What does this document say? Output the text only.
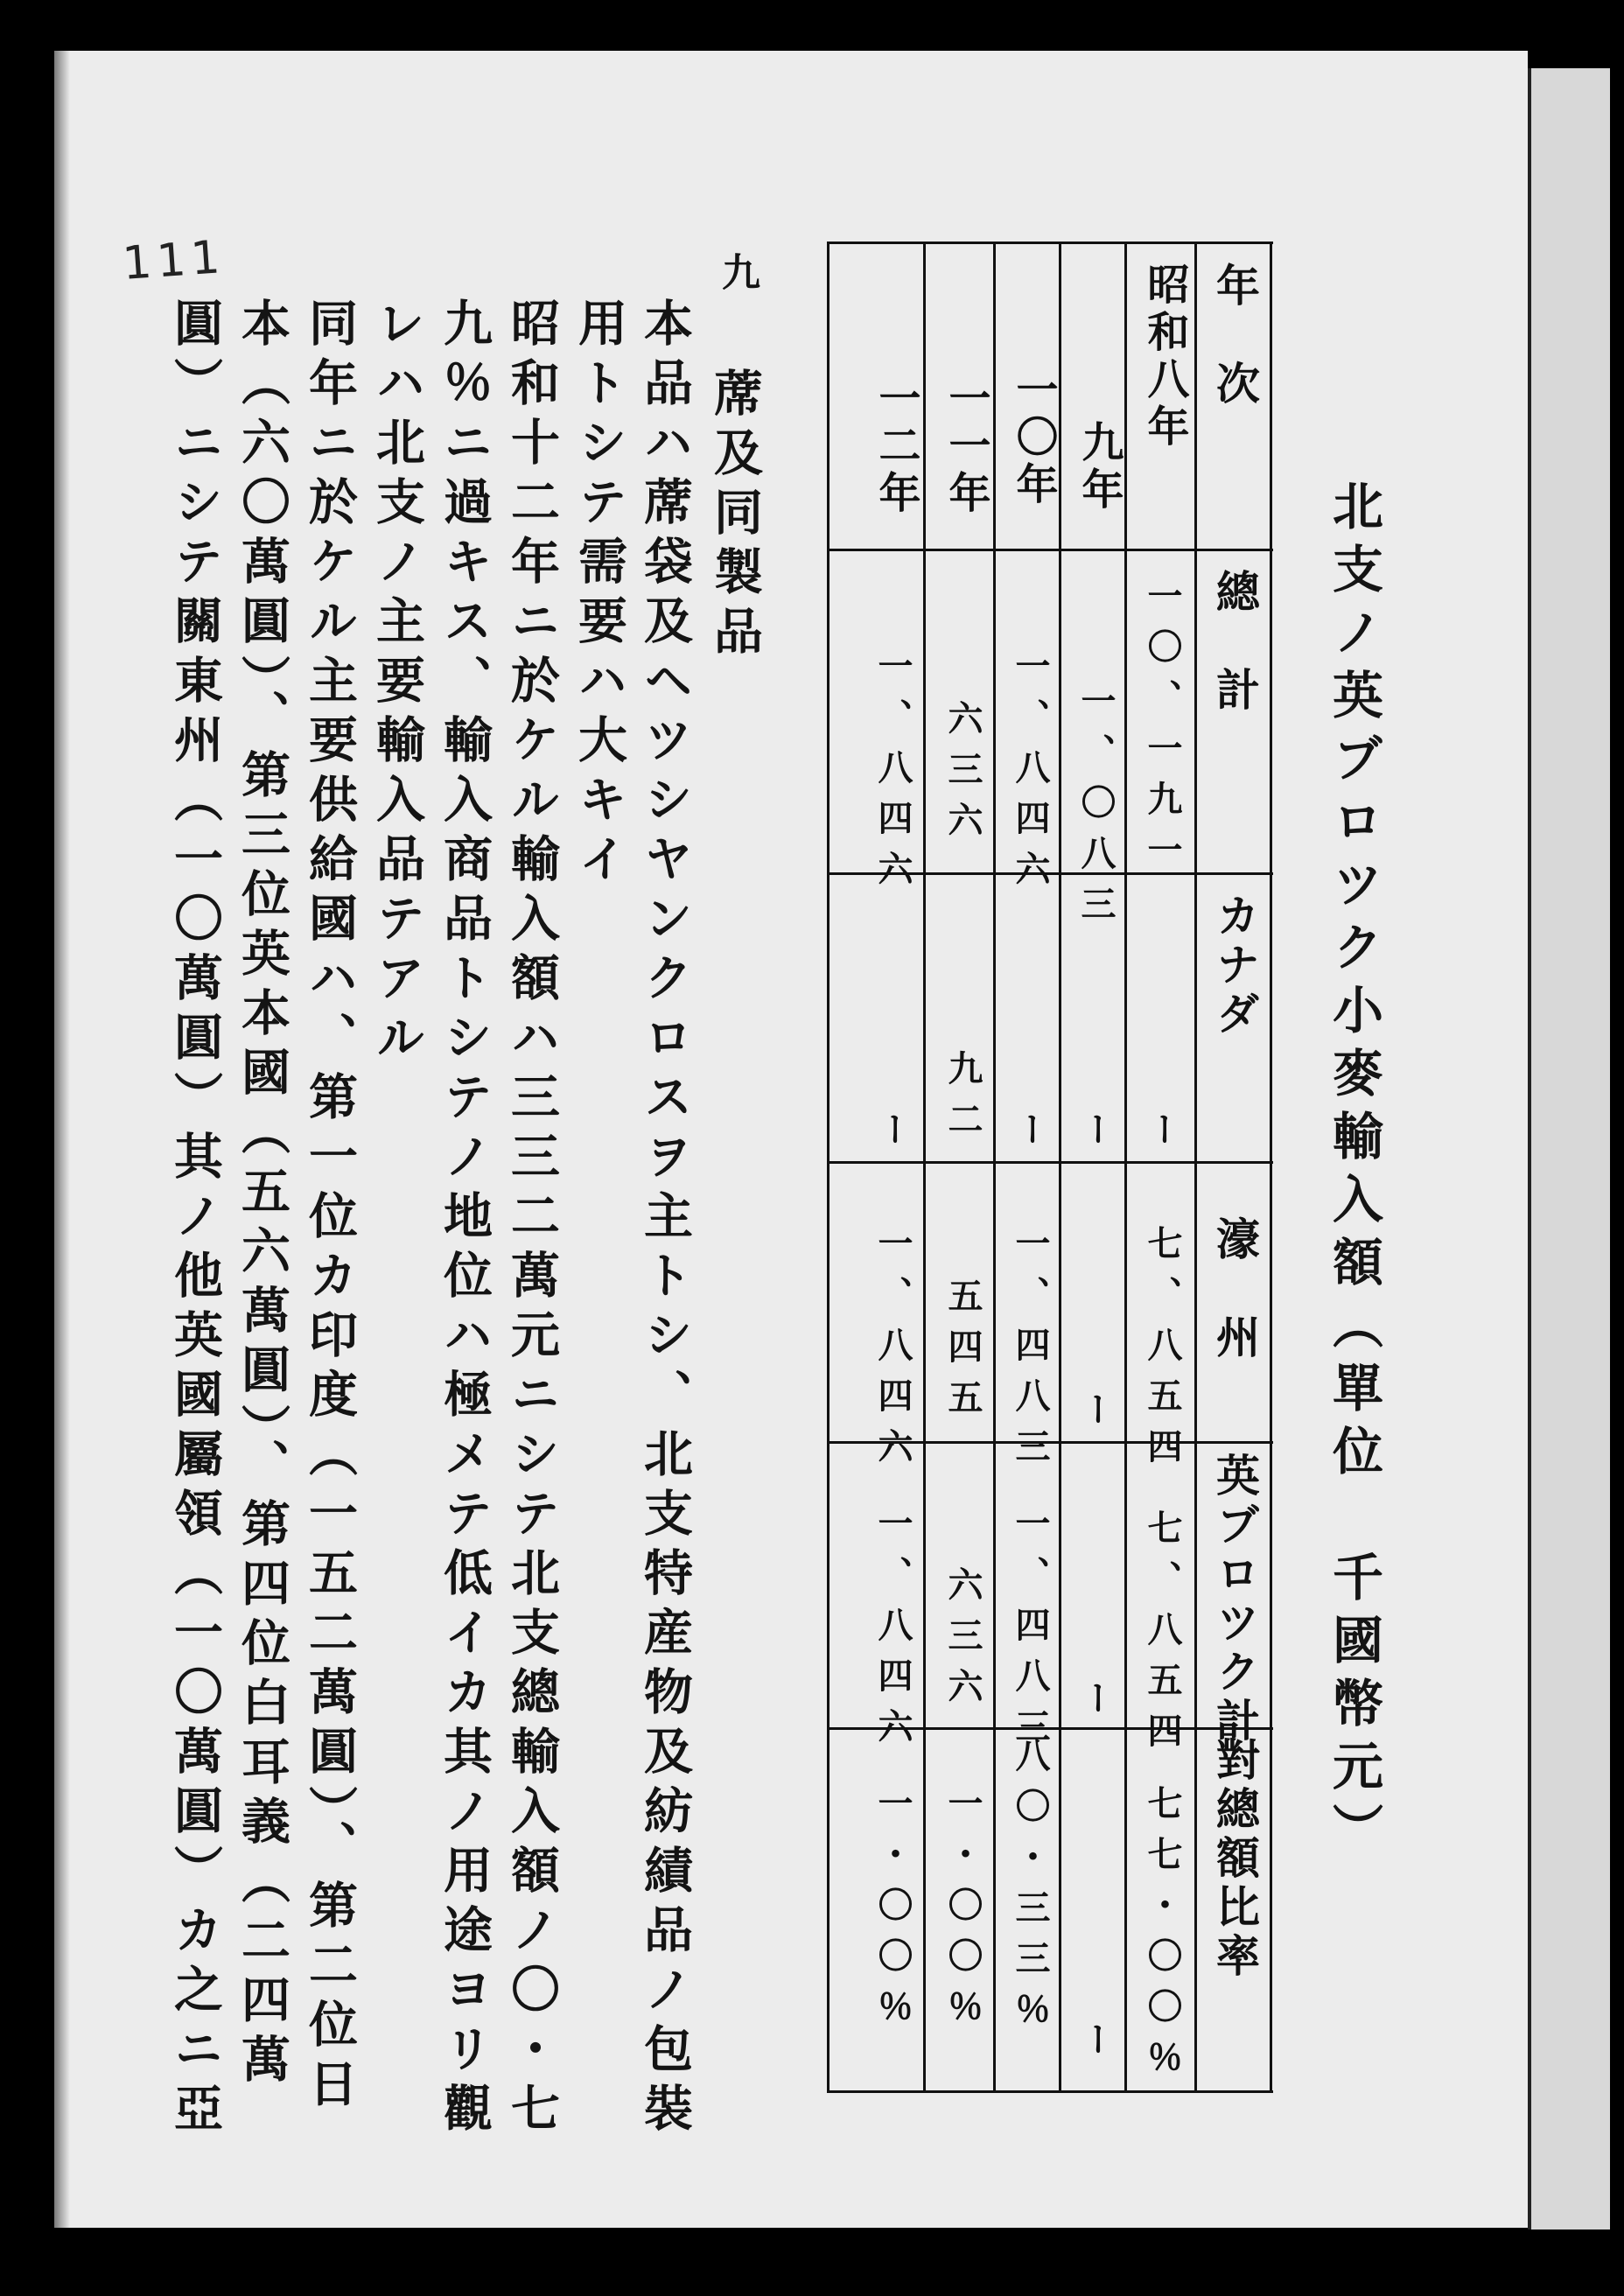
北支ノ英ブロツク小麥輸入額（單位　千國幣元）
年　次
總　計
カナダ
濠　州
英ブロツク計
對總額比率
昭和八年
一〇、一九一
ー
七、八五四
七、八五四
七七・〇〇％
九年
一、〇八三
ー
ー
ー
ー
一〇年
一、八四六
ー
一、四八三
一、四八三
八〇・三三％
一一年
六三六
九二
五四五
六三六
一・〇〇％
一二年
一、八四六
ー
一、八四六
一、八四六
一・〇〇％
九
蓆及同製品
本品ハ蓆袋及ヘツシヤンクロスヲ主トシ、北支特産物及紡績品ノ包裝
用トシテ需要ハ大キイ
昭和十二年ニ於ケル輸入額ハ三三二萬元ニシテ北支總輸入額ノ〇・七
九％ニ過キス、輸入商品トシテノ地位ハ極メテ低イカ其ノ用途ヨリ觀
レハ北支ノ主要輸入品テアル
同年ニ於ケル主要供給國ハ、第一位カ印度（一五二萬圓）、第二位日
本（六〇萬圓）、第三位英本國（五六萬圓）、第四位白耳義（二四萬
圓）ニシテ關東州（一〇萬圓）其ノ他英國屬領（一〇萬圓）カ之ニ亞
111
